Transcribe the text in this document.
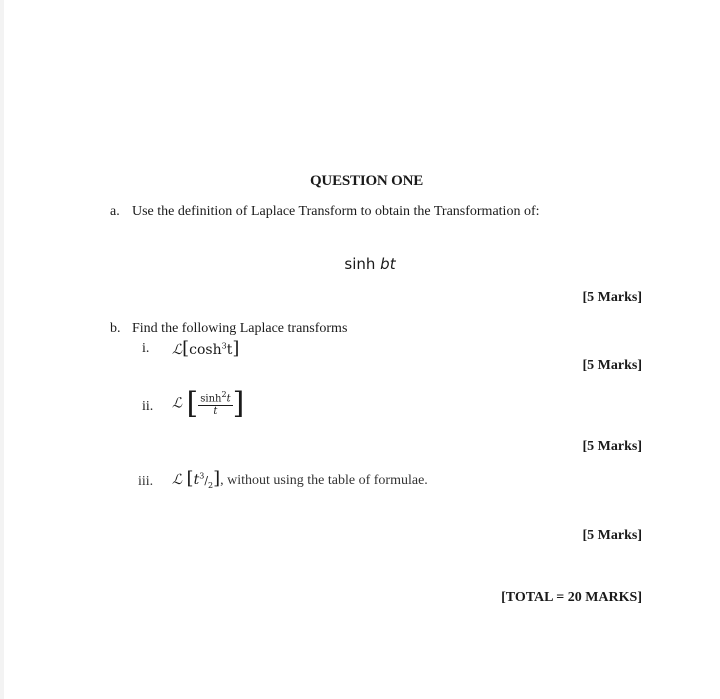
QUESTION ONE
a. Use the definition of Laplace Transform to obtain the Transformation of:
sinh bt
[5 Marks]
b. Find the following Laplace transforms
i. $ℒ[\cosh^3t]$
[5 Marks]
ii. ℒ [ $\frac{\sinh^2t}{t}$ ]
[5 Marks]
iii. ℒ $[t^3/_2]$, without using the table of formulae.
[5 Marks]
[TOTAL = 20 MARKS]
